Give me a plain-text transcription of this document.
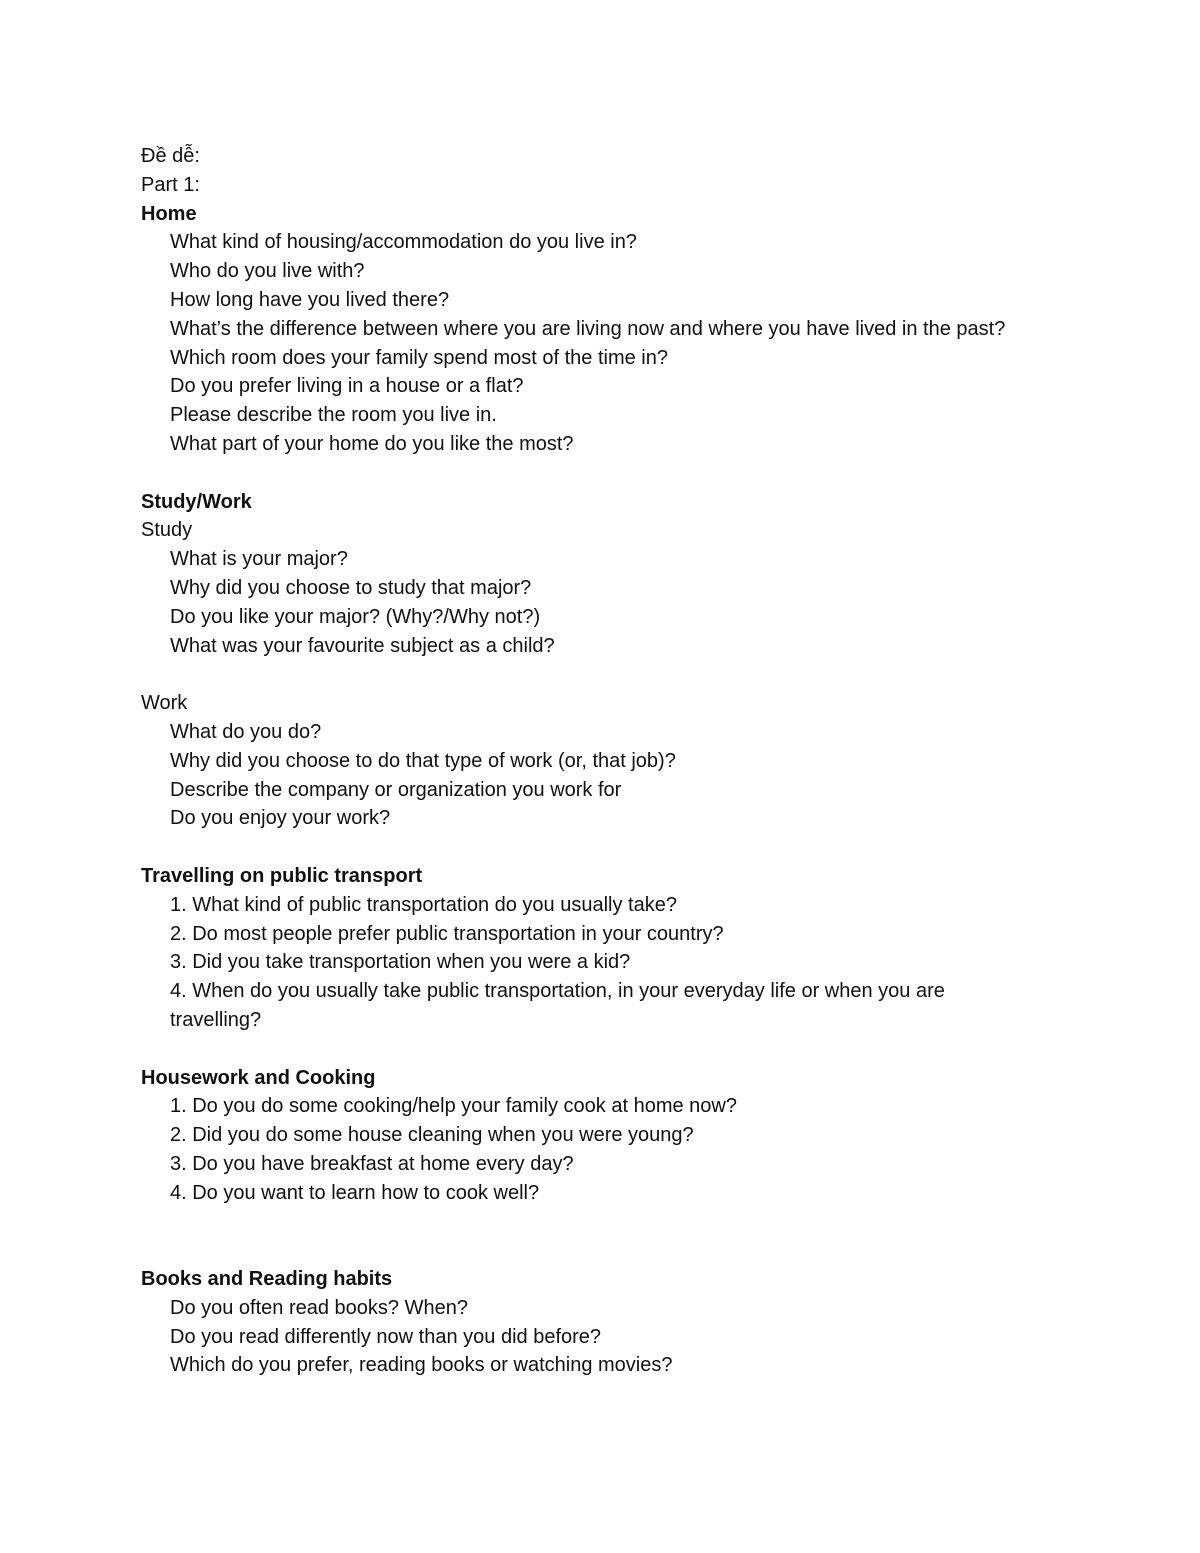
Đề dễ:
Part 1:
Home
What kind of housing/accommodation do you live in?
Who do you live with?
How long have you lived there?
What’s the difference between where you are living now and where you have lived in the past?
Which room does your family spend most of the time in?
Do you prefer living in a house or a flat?
Please describe the room you live in.
What part of your home do you like the most?
Study/Work
Study
What is your major?
Why did you choose to study that major?
Do you like your major? (Why?/Why not?)
What was your favourite subject as a child?
Work
What do you do?
Why did you choose to do that type of work (or, that job)?
Describe the company or organization you work for
Do you enjoy your work?
Travelling on public transport
1. What kind of public transportation do you usually take?
2. Do most people prefer public transportation in your country?
3. Did you take transportation when you were a kid?
4. When do you usually take public transportation, in your everyday life or when you are travelling?
Housework and Cooking
1. Do you do some cooking/help your family cook at home now?
2. Did you do some house cleaning when you were young?
3. Do you have breakfast at home every day?
4. Do you want to learn how to cook well?
Books and Reading habits
Do you often read books? When?
Do you read differently now than you did before?
Which do you prefer, reading books or watching movies?
